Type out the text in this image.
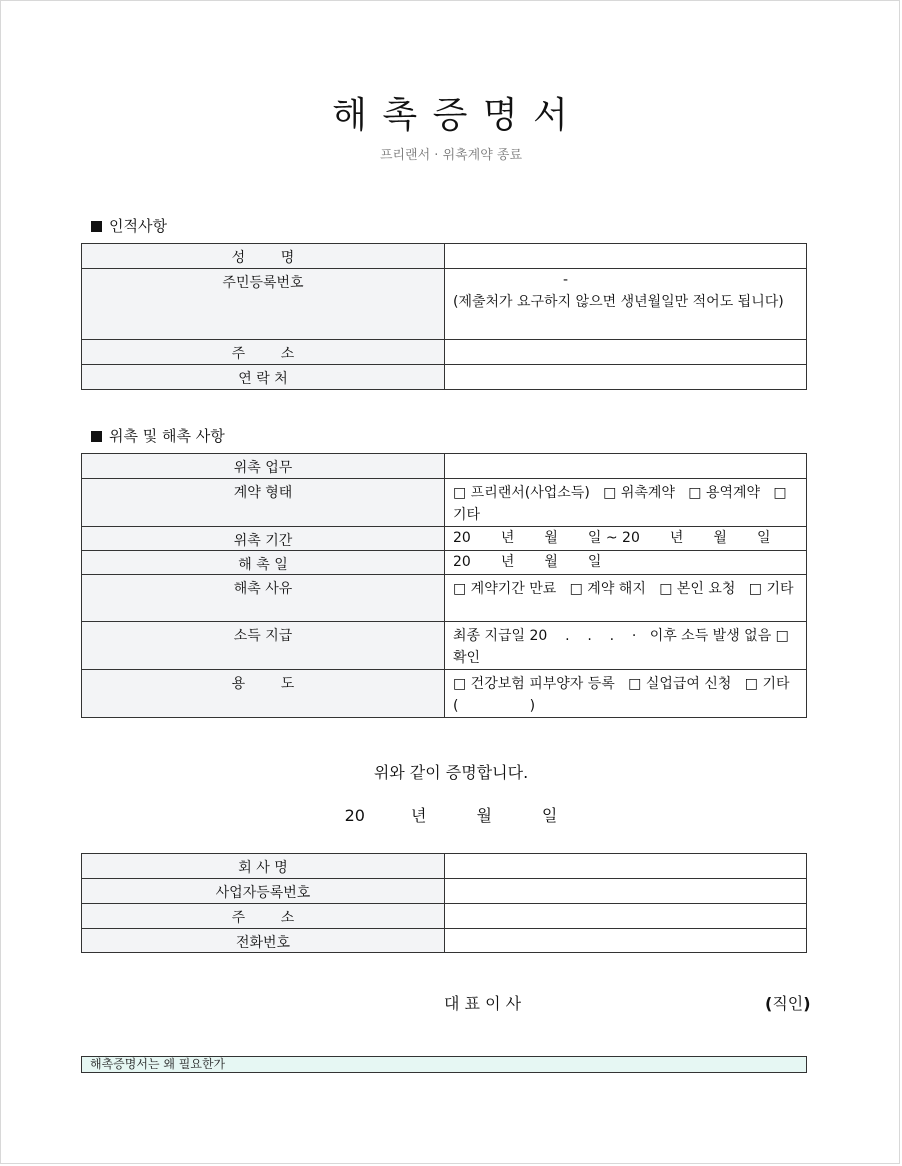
해 촉 증 명 서
프리랜서 · 위촉계약 종료
인적사항
성        명	
주민등록번호	-
(제출처가 요구하지 않으면 생년월일만 적어도 됩니다)

주        소	
연 락 처	
위촉 및 해촉 사항
위촉 업무	
계약 형태	□ 프리랜서(사업소득)   □ 위촉계약   □ 용역계약   □ 기타
위촉 기간	20 년 월 일 ~ 20 년 월 일
해 촉 일	20 년 월 일
해촉 사유	□ 계약기간 만료   □ 계약 해지   □ 본인 요청   □ 기타
소득 지급	최종 지급일 20    .    .    .    ·   이후 소득 발생 없음 □ 확인
용        도	□ 건강보험 피부양자 등록   □ 실업급여 신청   □ 기타 (                )
위와 같이 증명합니다.
20	년	월	일
회 사 명	
사업자등록번호	
주        소	
전화번호	
대 표 이 사	(직인)
해촉증명서는 왜 필요한가
